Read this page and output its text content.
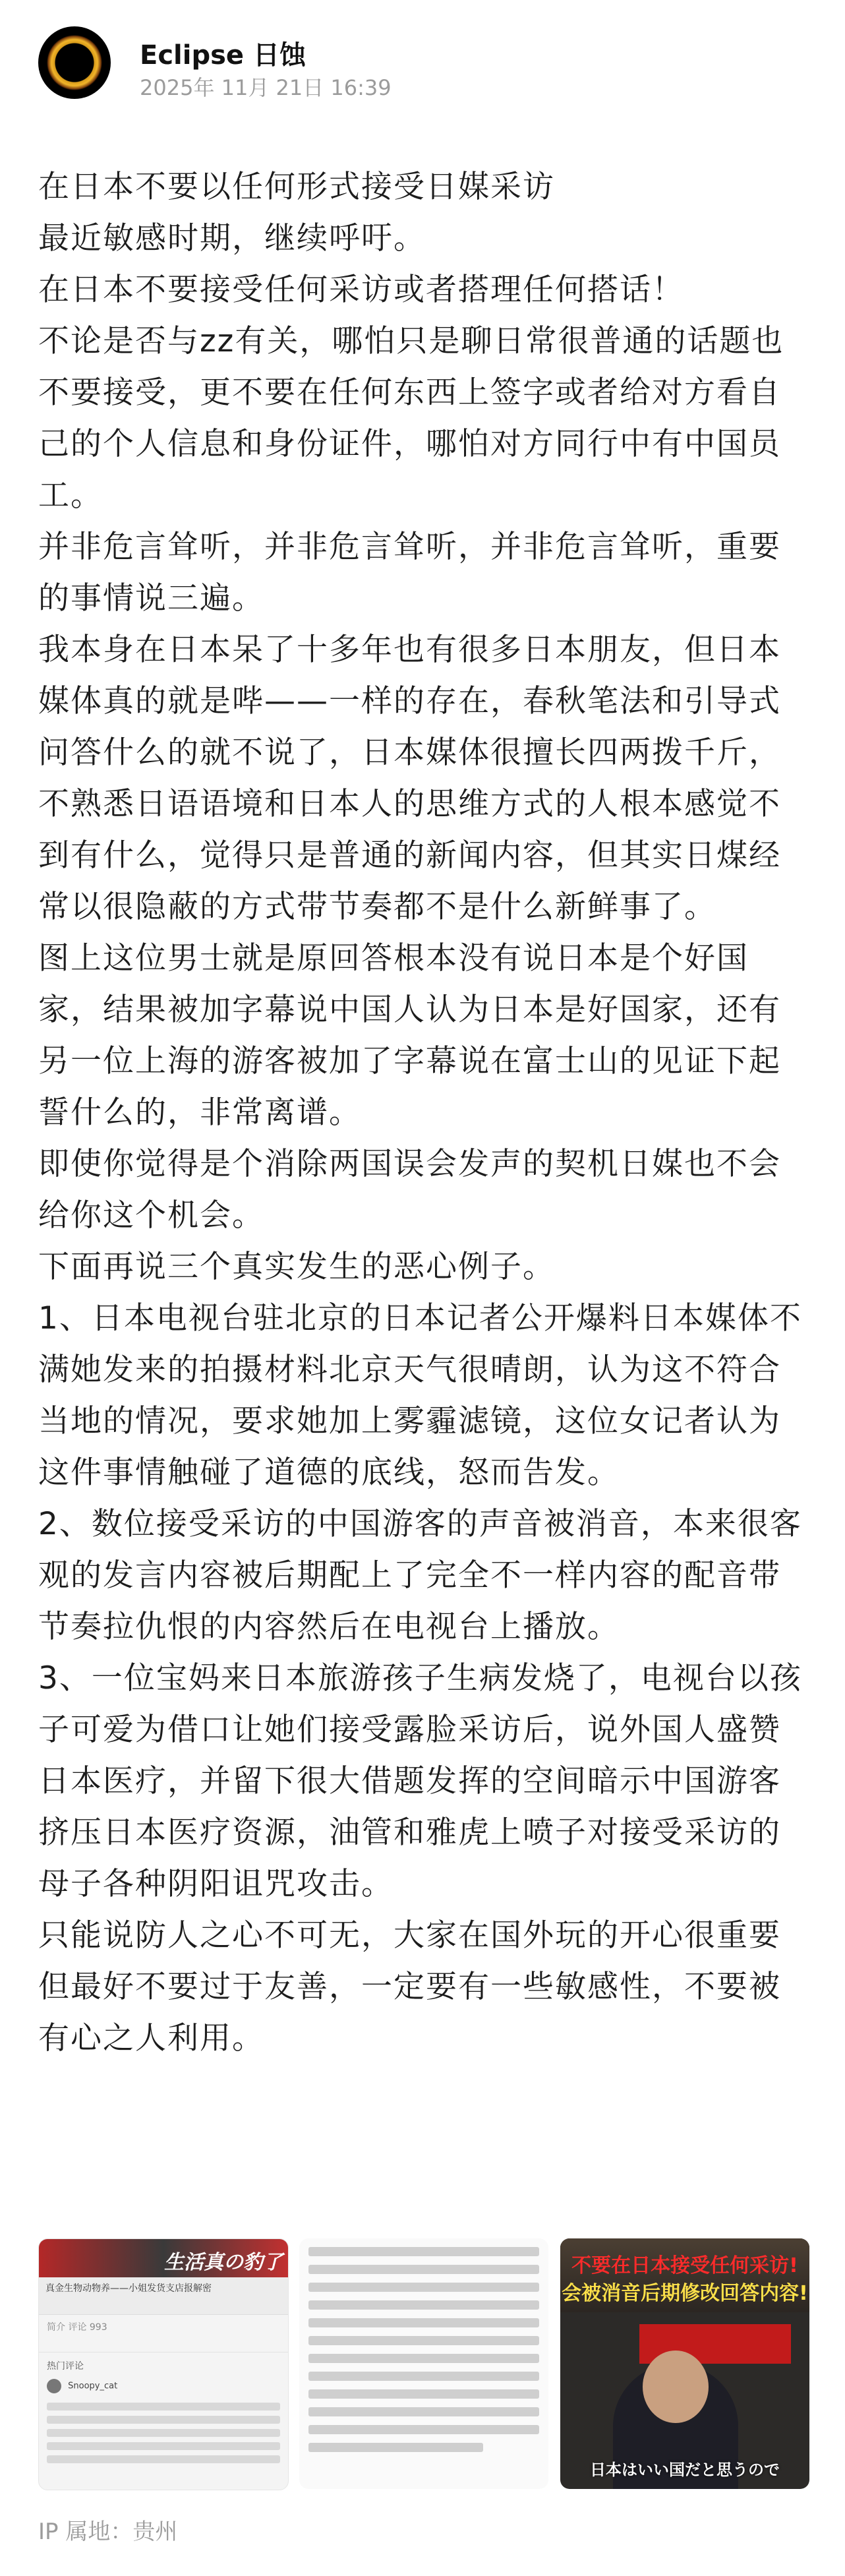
Eclipse 日蚀
2025年 11月 21日 16:39

在日本不要以任何形式接受日媒采访

最近敏感时期，继续呼吁。

在日本不要接受任何采访或者搭理任何搭话！

不论是否与zz有关，哪怕只是聊日常很普通的话题也不要接受，更不要在任何东西上签字或者给对方看自己的个人信息和身份证件，哪怕对方同行中有中国员工。

并非危言耸听，并非危言耸听，并非危言耸听，重要的事情说三遍。

我本身在日本呆了十多年也有很多日本朋友，但日本媒体真的就是哔——一样的存在，春秋笔法和引导式问答什么的就不说了，日本媒体很擅长四两拨千斤，不熟悉日语语境和日本人的思维方式的人根本感觉不到有什么，觉得只是普通的新闻内容，但其实日煤经常以很隐蔽的方式带节奏都不是什么新鲜事了。

图上这位男士就是原回答根本没有说日本是个好国家，结果被加字幕说中国人认为日本是好国家，还有另一位上海的游客被加了字幕说在富士山的见证下起誓什么的，非常离谱。

即使你觉得是个消除两国误会发声的契机日媒也不会给你这个机会。

下面再说三个真实发生的恶心例子。

1、日本电视台驻北京的日本记者公开爆料日本媒体不满她发来的拍摄材料北京天气很晴朗，认为这不符合当地的情况，要求她加上雾霾滤镜，这位女记者认为这件事情触碰了道德的底线，怒而告发。

2、数位接受采访的中国游客的声音被消音，本来很客观的发言内容被后期配上了完全不一样内容的配音带节奏拉仇恨的内容然后在电视台上播放。

3、一位宝妈来日本旅游孩子生病发烧了，电视台以孩子可爱为借口让她们接受露脸采访后，说外国人盛赞日本医疗，并留下很大借题发挥的空间暗示中国游客挤压日本医疗资源，油管和雅虎上喷子对接受采访的母子各种阴阳诅咒攻击。

只能说防人之心不可无，大家在国外玩的开心很重要但最好不要过于友善，一定要有一些敏感性，不要被有心之人利用。

生活真の豹了
真金生物动物养——小姐发货支店报解密
简介 评论 993
热门评论
Snoopy_cat
不要在日本接受任何采访!
会被消音后期修改回答内容!
日本はいい国だと思うので
IP 属地：贵州
